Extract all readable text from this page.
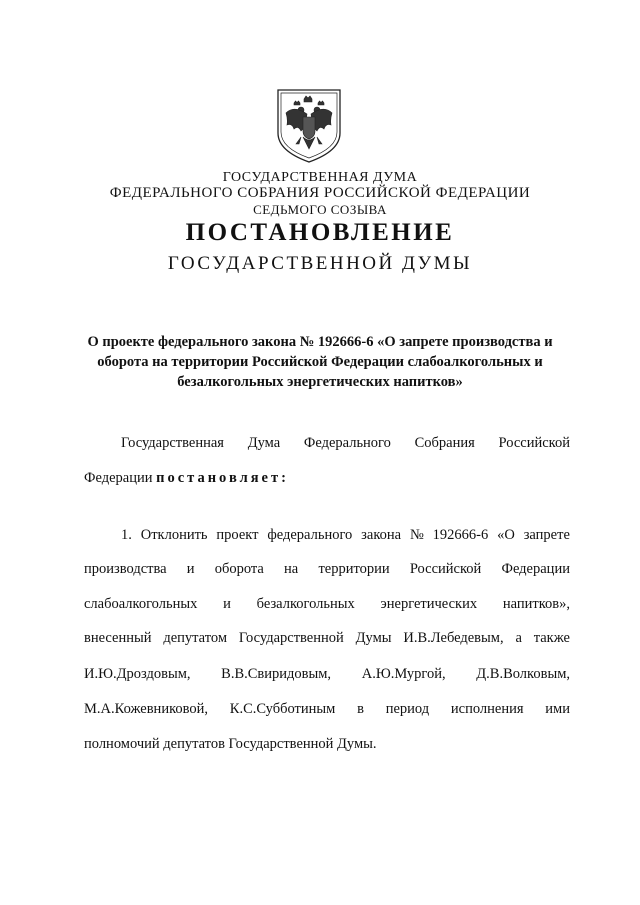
ГОСУДАРСТВЕННАЯ ДУМА
ФЕДЕРАЛЬНОГО СОБРАНИЯ РОССИЙСКОЙ ФЕДЕРАЦИИ
СЕДЬМОГО СОЗЫВА
ПОСТАНОВЛЕНИЕ
ГОСУДАРСТВЕННОЙ ДУМЫ
О проекте федерального закона № 192666-6 «О запрете производства и
оборота на территории Российской Федерации слабоалкогольных и
безалкогольных энергетических напитков»
Государственная Дума Федерального Собрания Российской
Федерации постановляет:
1. Отклонить проект федерального закона № 192666-6 «О запрете
производства и оборота на территории Российской Федерации
слабоалкогольных и безалкогольных энергетических напитков»,
внесенный депутатом Государственной Думы И.В.Лебедевым, а также
И.Ю.Дроздовым, В.В.Свиридовым, А.Ю.Мургой, Д.В.Волковым,
М.А.Кожевниковой, К.С.Субботиным в период исполнения ими
полномочий депутатов Государственной Думы.
